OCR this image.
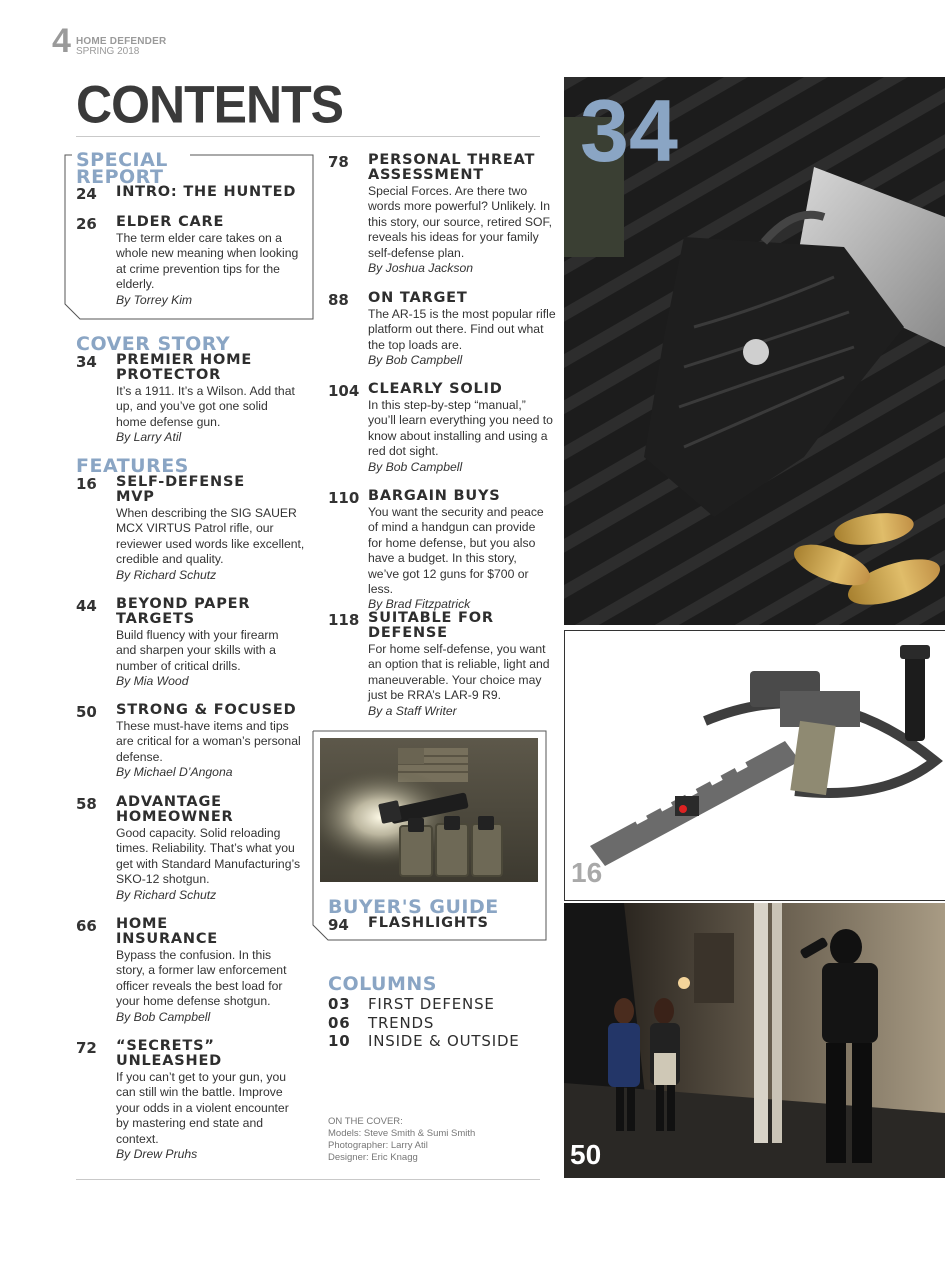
4 HOME DEFENDER
SPRING 2018
CONTENTS
SPECIAL
REPORT
24 INTRO: THE HUNTED
26 ELDER CARE
The term elder care takes on a whole new meaning when looking at crime prevention tips for the elderly.
By Torrey Kim
COVER STORY
34 PREMIER HOME PROTECTOR
It’s a 1911. It’s a Wilson. Add that up, and you’ve got one solid home defense gun.
By Larry Atil
FEATURES
16 SELF-DEFENSE MVP
When describing the SIG SAUER MCX VIRTUS Patrol rifle, our reviewer used words like excellent, credible and quality.
By Richard Schutz
44 BEYOND PAPER TARGETS
Build fluency with your firearm and sharpen your skills with a number of critical drills.
By Mia Wood
50 STRONG & FOCUSED
These must-have items and tips are critical for a woman’s personal defense.
By Michael D’Angona
58 ADVANTAGE HOMEOWNER
Good capacity. Solid reloading times. Reliability. That’s what you get with Standard Manufacturing’s SKO-12 shotgun.
By Richard Schutz
66 HOME INSURANCE
Bypass the confusion. In this story, a former law enforcement officer reveals the best load for your home defense shotgun.
By Bob Campbell
72 “SECRETS” UNLEASHED
If you can’t get to your gun, you can still win the battle. Improve your odds in a violent encounter by mastering end state and context.
By Drew Pruhs
78 PERSONAL THREAT ASSESSMENT
Special Forces. Are there two words more powerful? Unlikely. In this story, our source, retired SOF, reveals his ideas for your family self-defense plan.
By Joshua Jackson
88 ON TARGET
The AR-15 is the most popular rifle platform out there. Find out what the top loads are.
By Bob Campbell
104 CLEARLY SOLID
In this step-by-step “manual,” you’ll learn everything you need to know about installing and using a red dot sight.
By Bob Campbell
110 BARGAIN BUYS
You want the security and peace of mind a handgun can provide for home defense, but you also have a budget. In this story, we’ve got 12 guns for $700 or less.
By Brad Fitzpatrick
118 SUITABLE FOR DEFENSE
For home self-defense, you want an option that is reliable, light and maneuverable. Your choice may just be RRA’s LAR-9 R9.
By a Staff Writer
BUYER'S GUIDE
94 FLASHLIGHTS
COLUMNS
03 FIRST DEFENSE
06 TRENDS
10 INSIDE & OUTSIDE
ON THE COVER:
Models: Steve Smith & Sumi Smith
Photographer: Larry Atil
Designer: Eric Knagg
34
16
50
